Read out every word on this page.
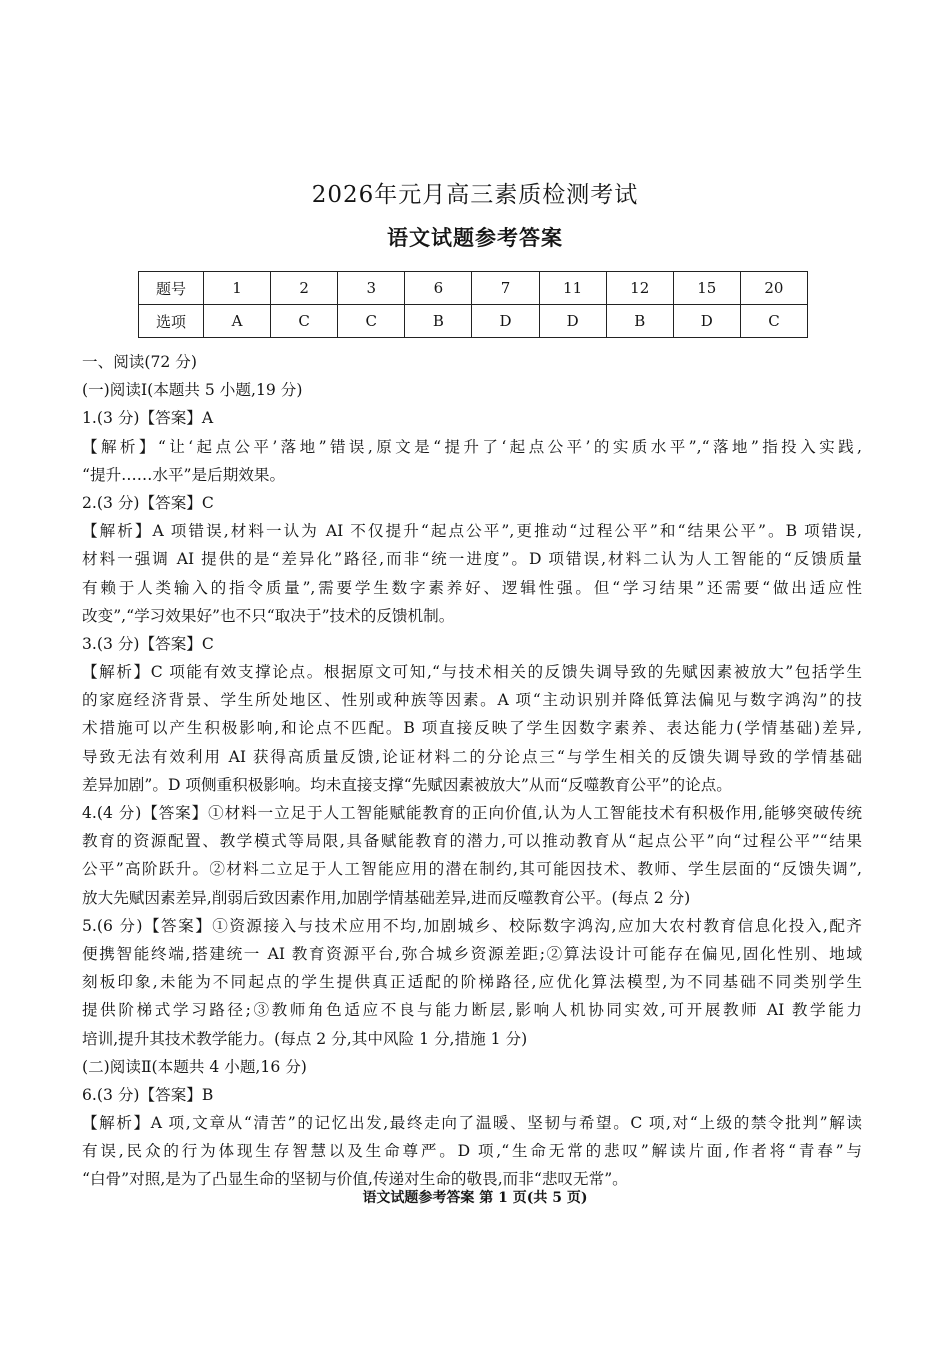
2026年元月高三素质检测考试
语文试题参考答案
题号	1	2	3	6	7	11	12	15	20
选项	A	C	C	B	D	D	B	D	C
一、阅读(72 分)
(一)阅读Ⅰ(本题共 5 小题,19 分)
1.(3 分)【答案】A
【解析】“让‘起点公平’落地”错误,原文是“提升了‘起点公平’的实质水平”,“落地”指投入实践,
“提升……水平”是后期效果。
2.(3 分)【答案】C
【解析】A 项错误,材料一认为 AI 不仅提升“起点公平”,更推动“过程公平”和“结果公平”。B 项错误,
材料一强调 AI 提供的是“差异化”路径,而非“统一进度”。D 项错误,材料二认为人工智能的“反馈质量
有赖于人类输入的指令质量”,需要学生数字素养好、逻辑性强。但“学习结果”还需要“做出适应性
改变”,“学习效果好”也不只“取决于”技术的反馈机制。
3.(3 分)【答案】C
【解析】C 项能有效支撑论点。根据原文可知,“与技术相关的反馈失调导致的先赋因素被放大”包括学生
的家庭经济背景、学生所处地区、性别或种族等因素。A 项“主动识别并降低算法偏见与数字鸿沟”的技
术措施可以产生积极影响,和论点不匹配。B 项直接反映了学生因数字素养、表达能力(学情基础)差异,
导致无法有效利用 AI 获得高质量反馈,论证材料二的分论点三“与学生相关的反馈失调导致的学情基础
差异加剧”。D 项侧重积极影响。均未直接支撑“先赋因素被放大”从而“反噬教育公平”的论点。
4.(4 分)【答案】①材料一立足于人工智能赋能教育的正向价值,认为人工智能技术有积极作用,能够突破传统
教育的资源配置、教学模式等局限,具备赋能教育的潜力,可以推动教育从“起点公平”向“过程公平”“结果
公平”高阶跃升。②材料二立足于人工智能应用的潜在制约,其可能因技术、教师、学生层面的“反馈失调”,
放大先赋因素差异,削弱后致因素作用,加剧学情基础差异,进而反噬教育公平。(每点 2 分)
5.(6 分)【答案】①资源接入与技术应用不均,加剧城乡、校际数字鸿沟,应加大农村教育信息化投入,配齐
便携智能终端,搭建统一 AI 教育资源平台,弥合城乡资源差距;②算法设计可能存在偏见,固化性别、地域
刻板印象,未能为不同起点的学生提供真正适配的阶梯路径,应优化算法模型,为不同基础不同类别学生
提供阶梯式学习路径;③教师角色适应不良与能力断层,影响人机协同实效,可开展教师 AI 教学能力
培训,提升其技术教学能力。(每点 2 分,其中风险 1 分,措施 1 分)
(二)阅读Ⅱ(本题共 4 小题,16 分)
6.(3 分)【答案】B
【解析】A 项,文章从“清苦”的记忆出发,最终走向了温暖、坚韧与希望。C 项,对“上级的禁令批判”解读
有误,民众的行为体现生存智慧以及生命尊严。D 项,“生命无常的悲叹”解读片面,作者将“青春”与
“白骨”对照,是为了凸显生命的坚韧与价值,传递对生命的敬畏,而非“悲叹无常”。
语文试题参考答案 第 1 页(共 5 页)
